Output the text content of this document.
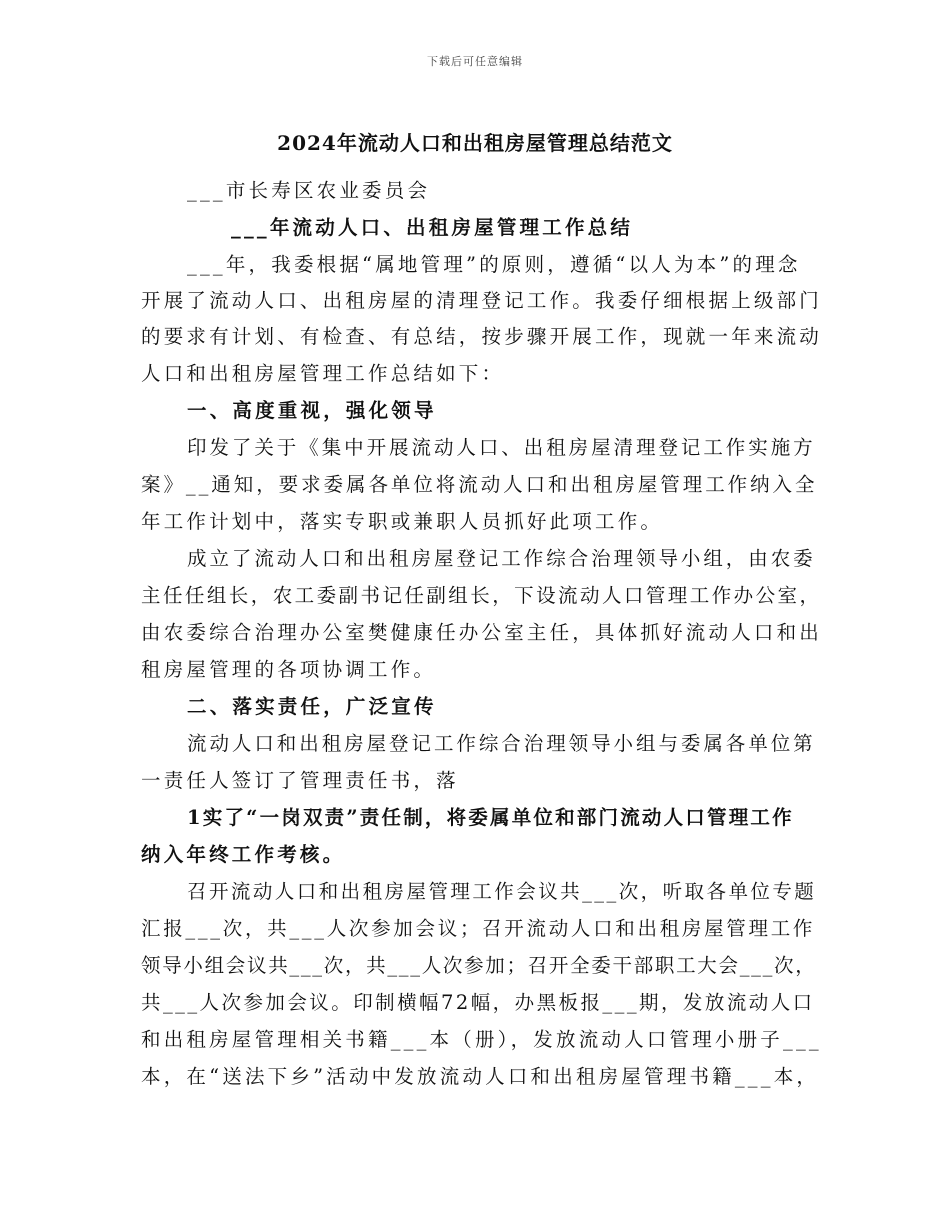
下载后可任意编辑
2024年流动人口和出租房屋管理总结范文
___市长寿区农业委员会
___年流动人口、出租房屋管理工作总结
___年，我委根据“属地管理”的原则，遵循“以人为本”的理念
开展了流动人口、出租房屋的清理登记工作。我委仔细根据上级部门
的要求有计划、有检查、有总结，按步骤开展工作，现就一年来流动
人口和出租房屋管理工作总结如下：
一、高度重视，强化领导
印发了关于《集中开展流动人口、出租房屋清理登记工作实施方
案》__通知，要求委属各单位将流动人口和出租房屋管理工作纳入全
年工作计划中，落实专职或兼职人员抓好此项工作。
成立了流动人口和出租房屋登记工作综合治理领导小组，由农委
主任任组长，农工委副书记任副组长，下设流动人口管理工作办公室，
由农委综合治理办公室樊健康任办公室主任，具体抓好流动人口和出
租房屋管理的各项协调工作。
二、落实责任，广泛宣传
流动人口和出租房屋登记工作综合治理领导小组与委属各单位第
一责任人签订了管理责任书，落
1实了“一岗双责”责任制，将委属单位和部门流动人口管理工作
纳入年终工作考核。
召开流动人口和出租房屋管理工作会议共___次，听取各单位专题
汇报___次，共___人次参加会议；召开流动人口和出租房屋管理工作
领导小组会议共___次，共___人次参加；召开全委干部职工大会___次，
共___人次参加会议。印制横幅72幅，办黑板报___期，发放流动人口
和出租房屋管理相关书籍___本（册），发放流动人口管理小册子___
本，在“送法下乡”活动中发放流动人口和出租房屋管理书籍___本，
